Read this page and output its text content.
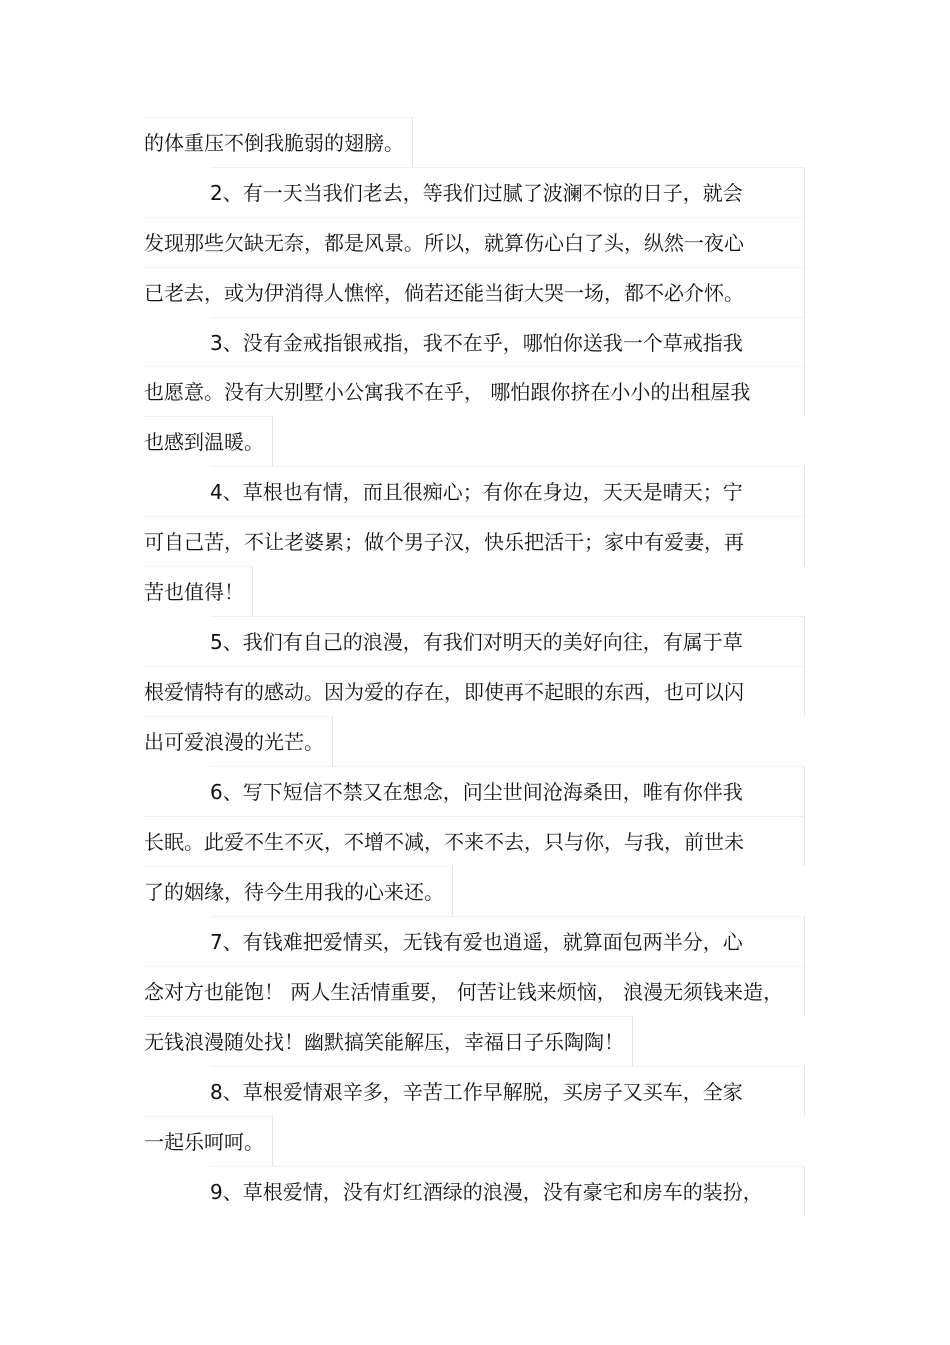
的体重压不倒我脆弱的翅膀。
2、有一天当我们老去，等我们过腻了波澜不惊的日子，就会
发现那些欠缺无奈，都是风景。所以，就算伤心白了头，纵然一夜心
已老去，或为伊消得人憔悴，倘若还能当街大哭一场，都不必介怀。
3、没有金戒指银戒指，我不在乎，哪怕你送我一个草戒指我
也愿意。没有大别墅小公寓我不在乎， 哪怕跟你挤在小小的出租屋我
也感到温暖。
4、草根也有情，而且很痴心；有你在身边，天天是晴天；宁
可自己苦，不让老婆累；做个男子汉，快乐把活干；家中有爱妻，再
苦也值得！
5、我们有自己的浪漫，有我们对明天的美好向往，有属于草
根爱情特有的感动。因为爱的存在，即使再不起眼的东西，也可以闪
出可爱浪漫的光芒。
6、写下短信不禁又在想念，问尘世间沧海桑田，唯有你伴我
长眠。此爱不生不灭，不增不减，不来不去，只与你，与我，前世未
了的姻缘，待今生用我的心来还。
7、有钱难把爱情买，无钱有爱也逍遥，就算面包两半分，心
念对方也能饱！ 两人生活情重要， 何苦让钱来烦恼， 浪漫无须钱来造，
无钱浪漫随处找！幽默搞笑能解压，幸福日子乐陶陶！
8、草根爱情艰辛多，辛苦工作早解脱，买房子又买车，全家
一起乐呵呵。
9、草根爱情，没有灯红酒绿的浪漫，没有豪宅和房车的装扮，
